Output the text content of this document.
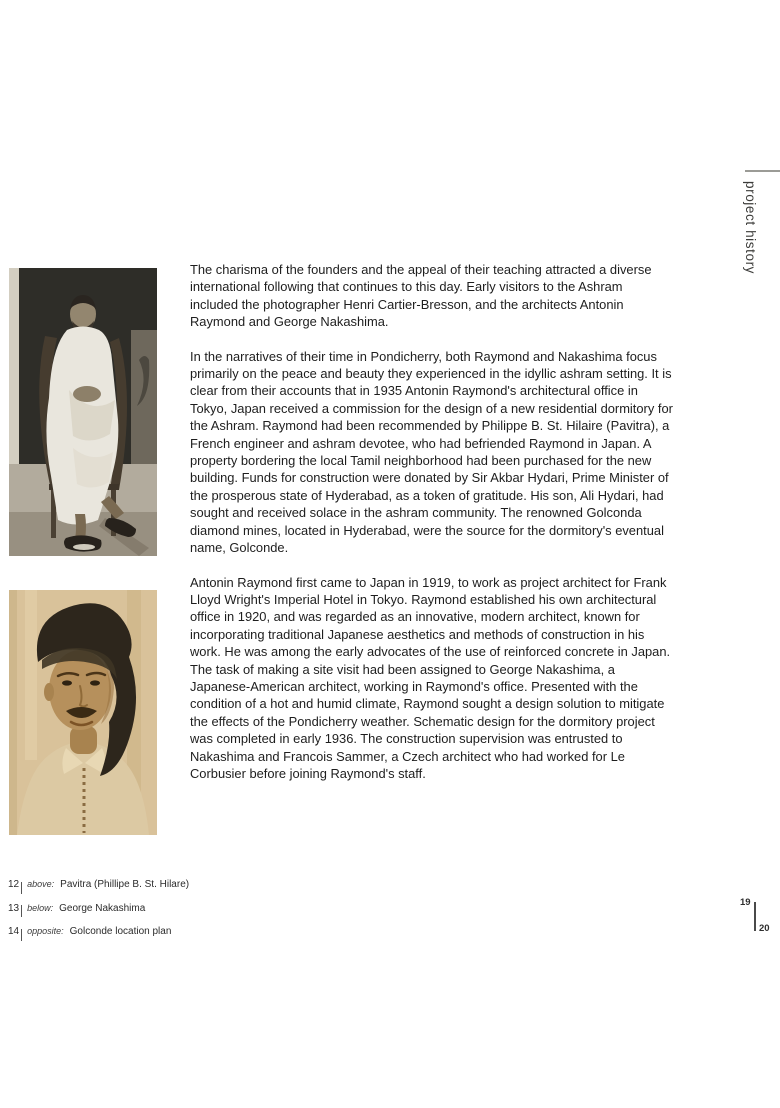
project history

The charisma of the founders and the appeal of their teaching attracted a diverse international following that continues to this day. Early visitors to the Ashram included the photographer Henri Cartier-Bresson, and the architects Antonin Raymond and George Nakashima.

In the narratives of their time in Pondicherry, both Raymond and Nakashima focus primarily on the peace and beauty they experienced in the idyllic ashram setting. It is clear from their accounts that in 1935 Antonin Raymond's architectural office in Tokyo, Japan received a commission for the design of a new residential dormitory for the Ashram. Raymond had been recommended by Philippe B. St. Hilaire (Pavitra), a French engineer and ashram devotee, who had befriended Raymond in Japan. A property bordering the local Tamil neighborhood had been purchased for the new building. Funds for construction were donated by Sir Akbar Hydari, Prime Minister of the prosperous state of Hyderabad, as a token of gratitude. His son, Ali Hydari, had sought and received solace in the ashram community. The renowned Golconda diamond mines, located in Hyderabad, were the source for the dormitory's eventual name, Golconde.

Antonin Raymond first came to Japan in 1919, to work as project architect for Frank Lloyd Wright's Imperial Hotel in Tokyo. Raymond established his own architectural office in 1920, and was regarded as an innovative, modern architect, known for incorporating traditional Japanese aesthetics and methods of construction in his work. He was among the early advocates of the use of reinforced concrete in Japan. The task of making a site visit had been assigned to George Nakashima, a Japanese-American architect, working in Raymond's office. Presented with the condition of a hot and humid climate, Raymond sought a design solution to mitigate the effects of the Pondicherry weather. Schematic design for the dormitory project was completed in early 1936. The construction supervision was entrusted to Nakashima and Francois Sammer, a Czech architect who had worked for Le Corbusier before joining Raymond's staff.

12 above: Pavitra (Phillipe B. St. Hilare)
13 below: George Nakashima
14 opposite: Golconde location plan
19
20
